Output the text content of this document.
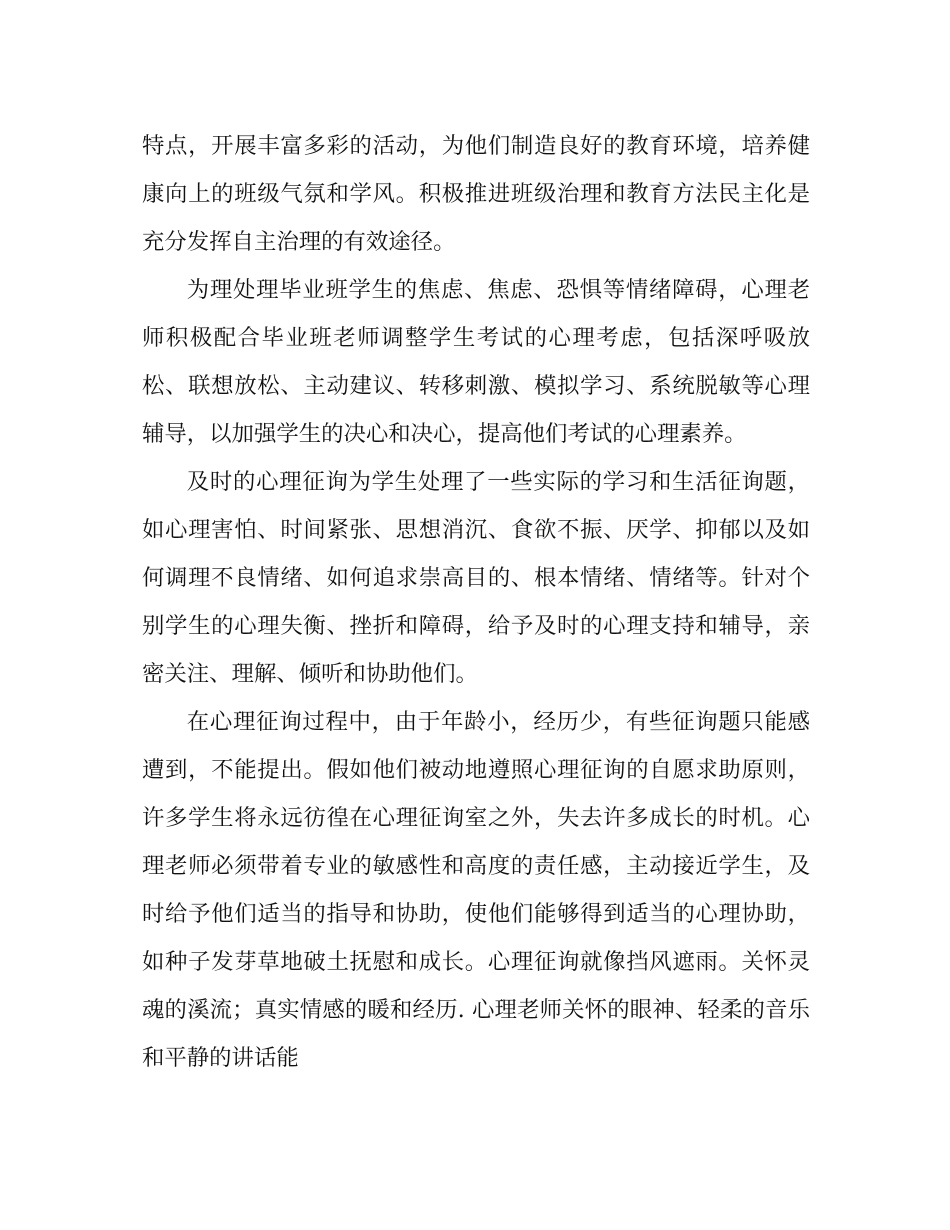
特点，开展丰富多彩的活动，为他们制造良好的教育环境，培养健康向上的班级气氛和学风。积极推进班级治理和教育方法民主化是充分发挥自主治理的有效途径。

为理处理毕业班学生的焦虑、焦虑、恐惧等情绪障碍，心理老师积极配合毕业班老师调整学生考试的心理考虑，包括深呼吸放松、联想放松、主动建议、转移刺激、模拟学习、系统脱敏等心理辅导，以加强学生的决心和决心，提高他们考试的心理素养。

及时的心理征询为学生处理了一些实际的学习和生活征询题，如心理害怕、时间紧张、思想消沉、食欲不振、厌学、抑郁以及如何调理不良情绪、如何追求崇高目的、根本情绪、情绪等。针对个别学生的心理失衡、挫折和障碍，给予及时的心理支持和辅导，亲密关注、理解、倾听和协助他们。

在心理征询过程中，由于年龄小，经历少，有些征询题只能感遭到，不能提出。假如他们被动地遵照心理征询的自愿求助原则，许多学生将永远彷徨在心理征询室之外，失去许多成长的时机。心理老师必须带着专业的敏感性和高度的责任感，主动接近学生，及时给予他们适当的指导和协助，使他们能够得到适当的心理协助，如种子发芽草地破土抚慰和成长。心理征询就像挡风遮雨。关怀灵魂的溪流；真实情感的暖和经历. 心理老师关怀的眼神、轻柔的音乐和平静的讲话能
